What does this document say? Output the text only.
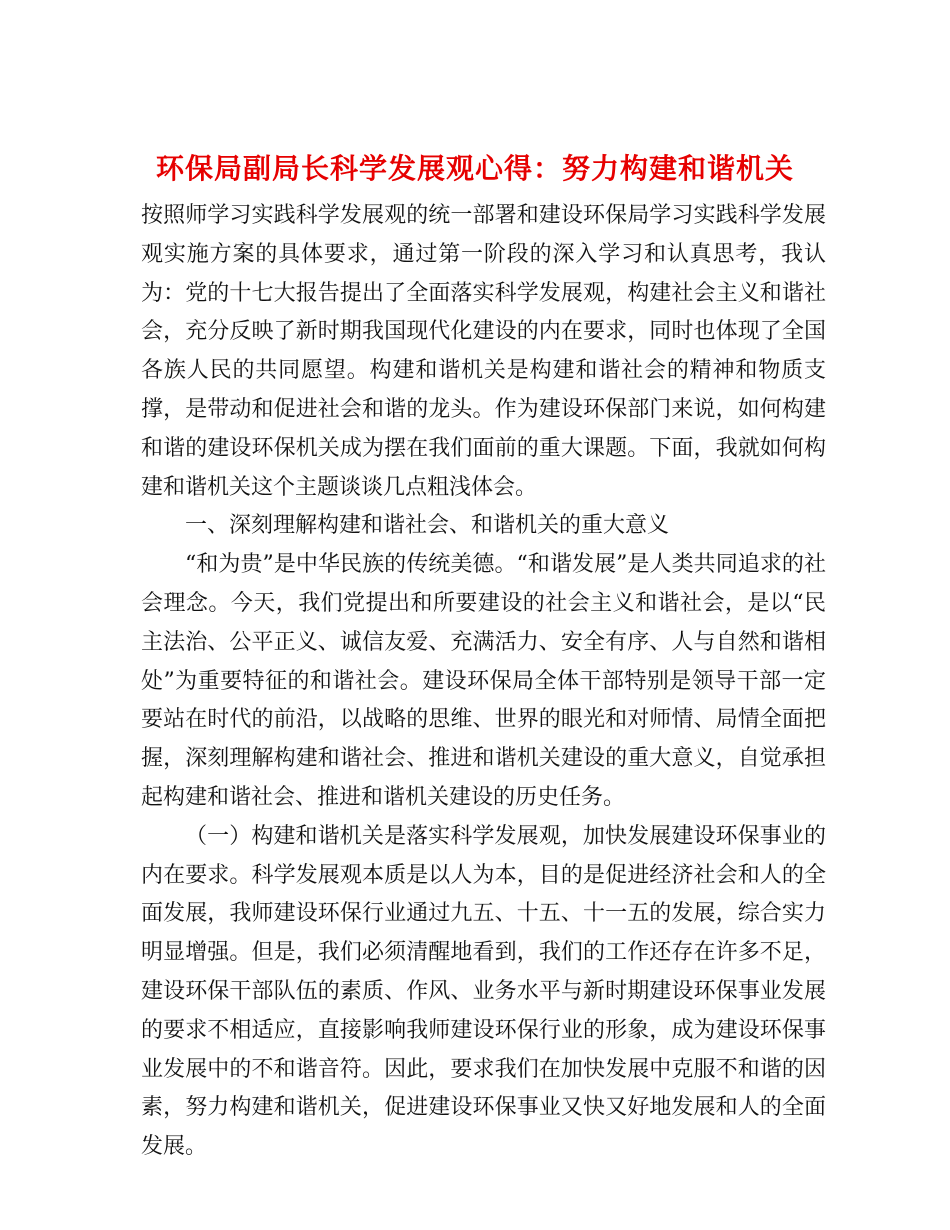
环保局副局长科学发展观心得：努力构建和谐机关

按照师学习实践科学发展观的统一部署和建设环保局学习实践科学发展观实施方案的具体要求，通过第一阶段的深入学习和认真思考，我认为：党的十七大报告提出了全面落实科学发展观，构建社会主义和谐社会，充分反映了新时期我国现代化建设的内在要求，同时也体现了全国各族人民的共同愿望。构建和谐机关是构建和谐社会的精神和物质支撑，是带动和促进社会和谐的龙头。作为建设环保部门来说，如何构建和谐的建设环保机关成为摆在我们面前的重大课题。下面，我就如何构建和谐机关这个主题谈谈几点粗浅体会。

一、深刻理解构建和谐社会、和谐机关的重大意义

“和为贵”是中华民族的传统美德。“和谐发展”是人类共同追求的社会理念。今天，我们党提出和所要建设的社会主义和谐社会，是以“民主法治、公平正义、诚信友爱、充满活力、安全有序、人与自然和谐相处”为重要特征的和谐社会。建设环保局全体干部特别是领导干部一定要站在时代的前沿，以战略的思维、世界的眼光和对师情、局情全面把握，深刻理解构建和谐社会、推进和谐机关建设的重大意义，自觉承担起构建和谐社会、推进和谐机关建设的历史任务。

（一）构建和谐机关是落实科学发展观，加快发展建设环保事业的内在要求。科学发展观本质是以人为本，目的是促进经济社会和人的全面发展，我师建设环保行业通过九五、十五、十一五的发展，综合实力明显增强。但是，我们必须清醒地看到，我们的工作还存在许多不足，建设环保干部队伍的素质、作风、业务水平与新时期建设环保事业发展的要求不相适应，直接影响我师建设环保行业的形象，成为建设环保事业发展中的不和谐音符。因此，要求我们在加快发展中克服不和谐的因素，努力构建和谐机关，促进建设环保事业又快又好地发展和人的全面发展。
